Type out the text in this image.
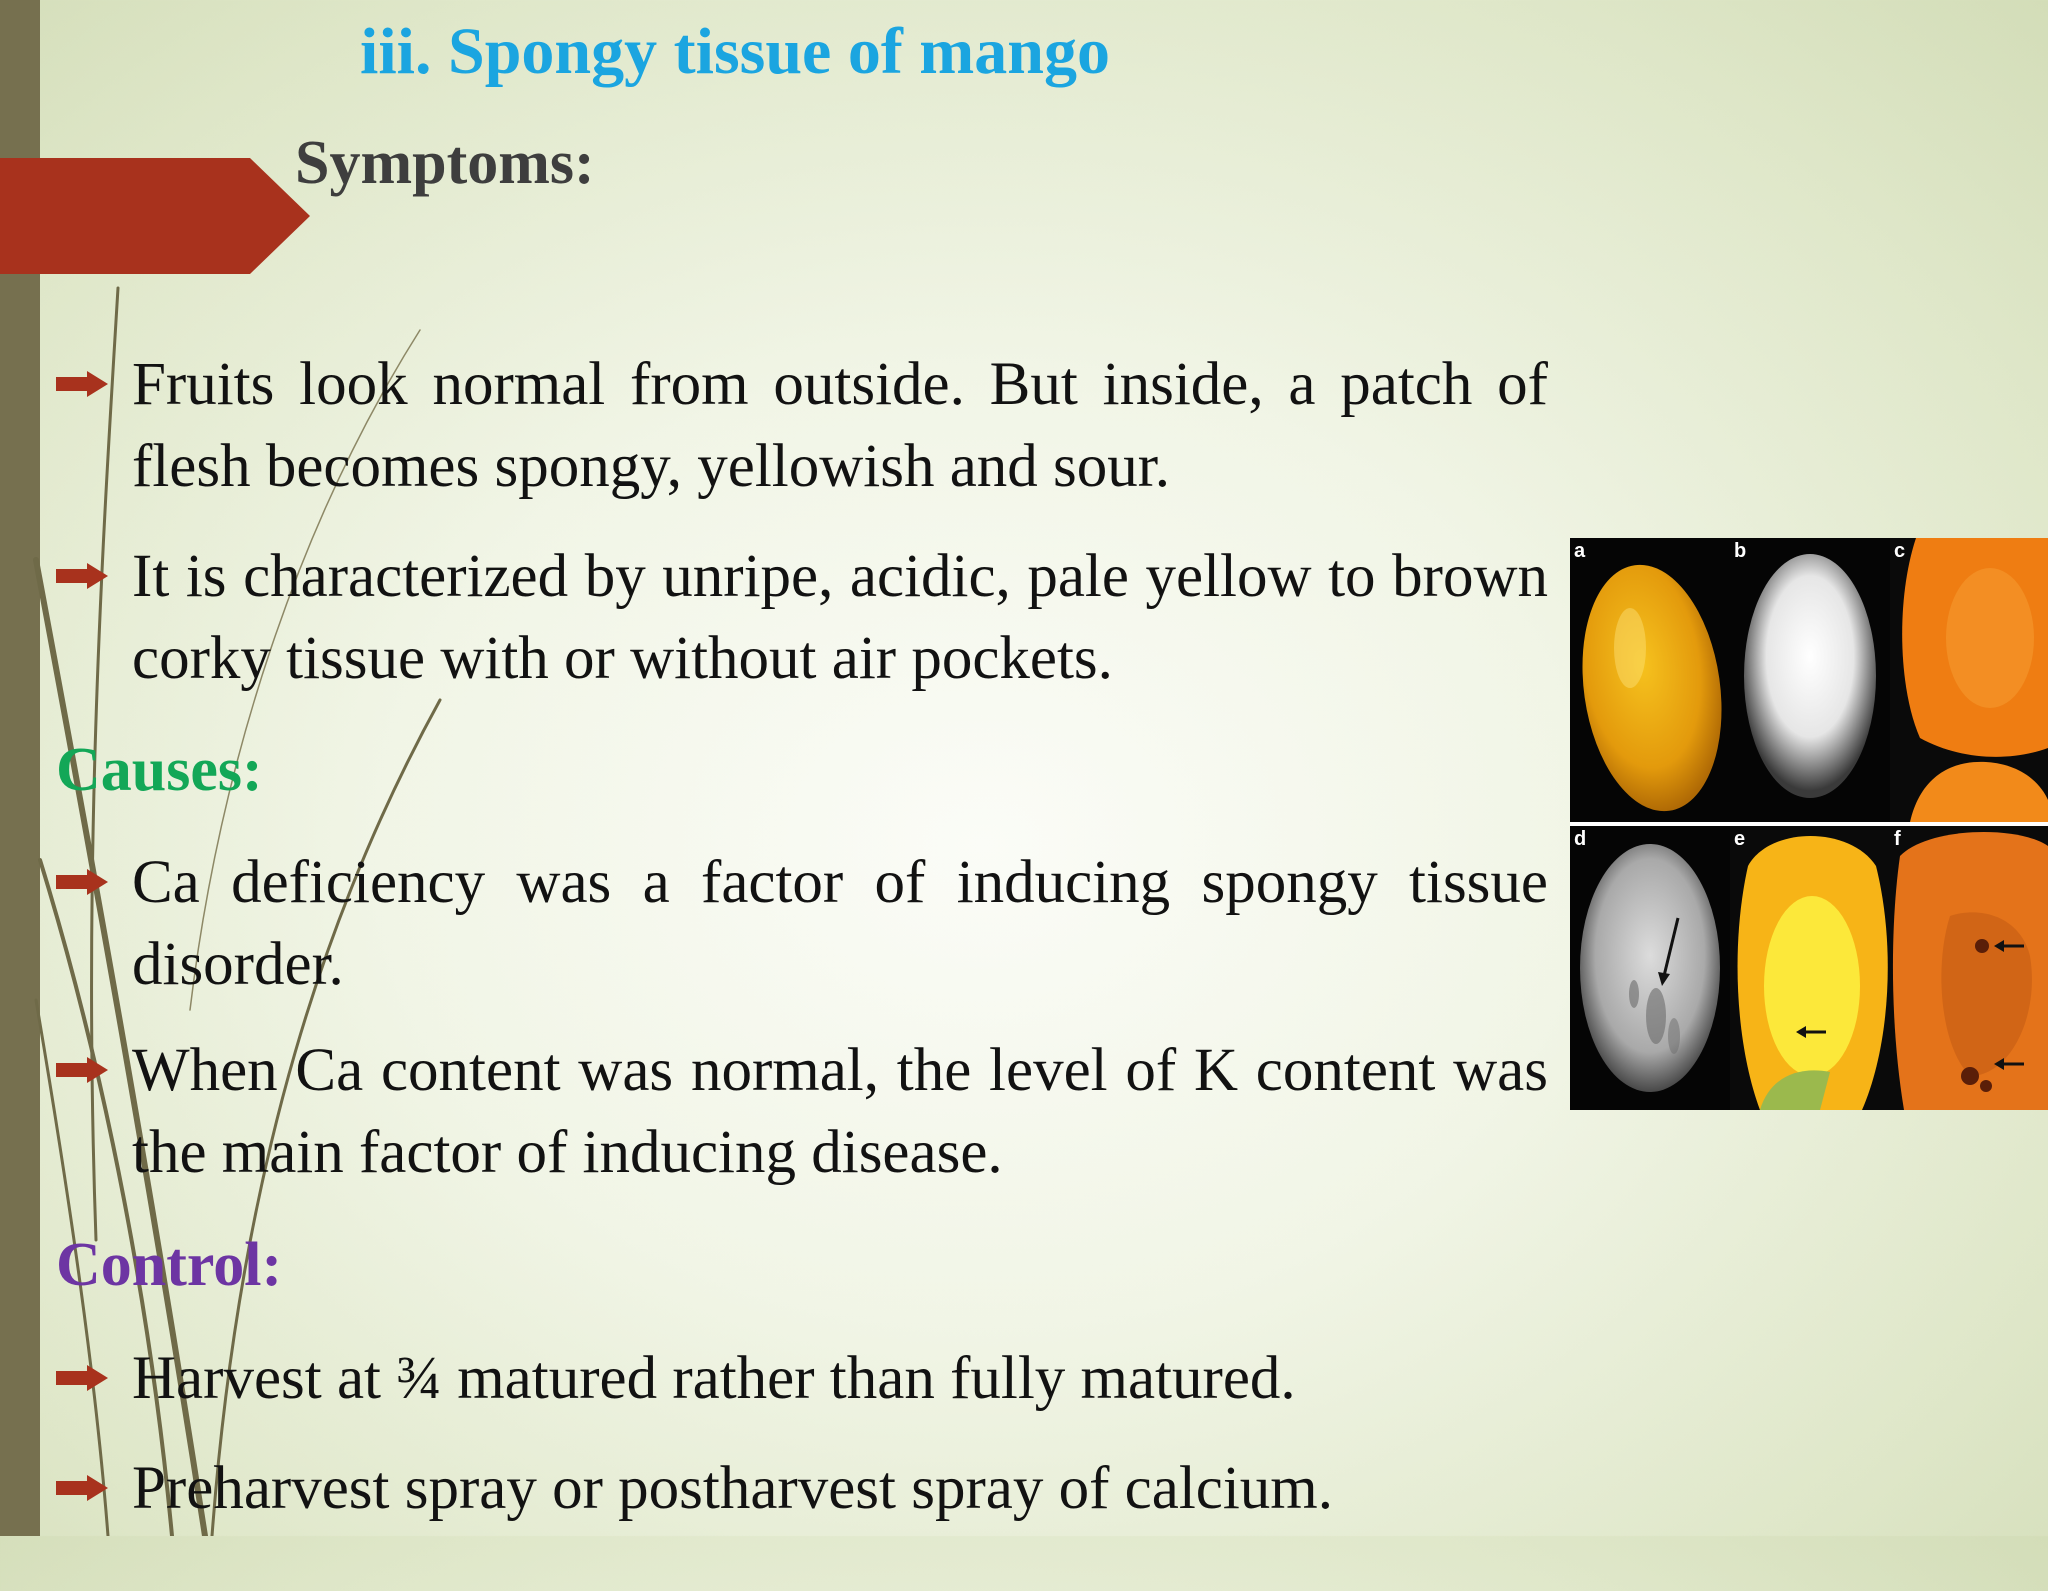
iii. Spongy tissue of mango
Symptoms:

Fruits look normal from outside. But inside, a patch of flesh becomes spongy, yellowish and sour.

It is characterized by unripe, acidic, pale yellow to brown corky tissue with or without air pockets.

Causes:

Ca deficiency was a factor of inducing spongy tissue disorder.

When Ca content was normal, the level of K content was the main factor of inducing disease.

Control:

Harvest at ¾ matured rather than fully matured.

Preharvest spray or postharvest spray of calcium.

a	b	c
d	e	f
